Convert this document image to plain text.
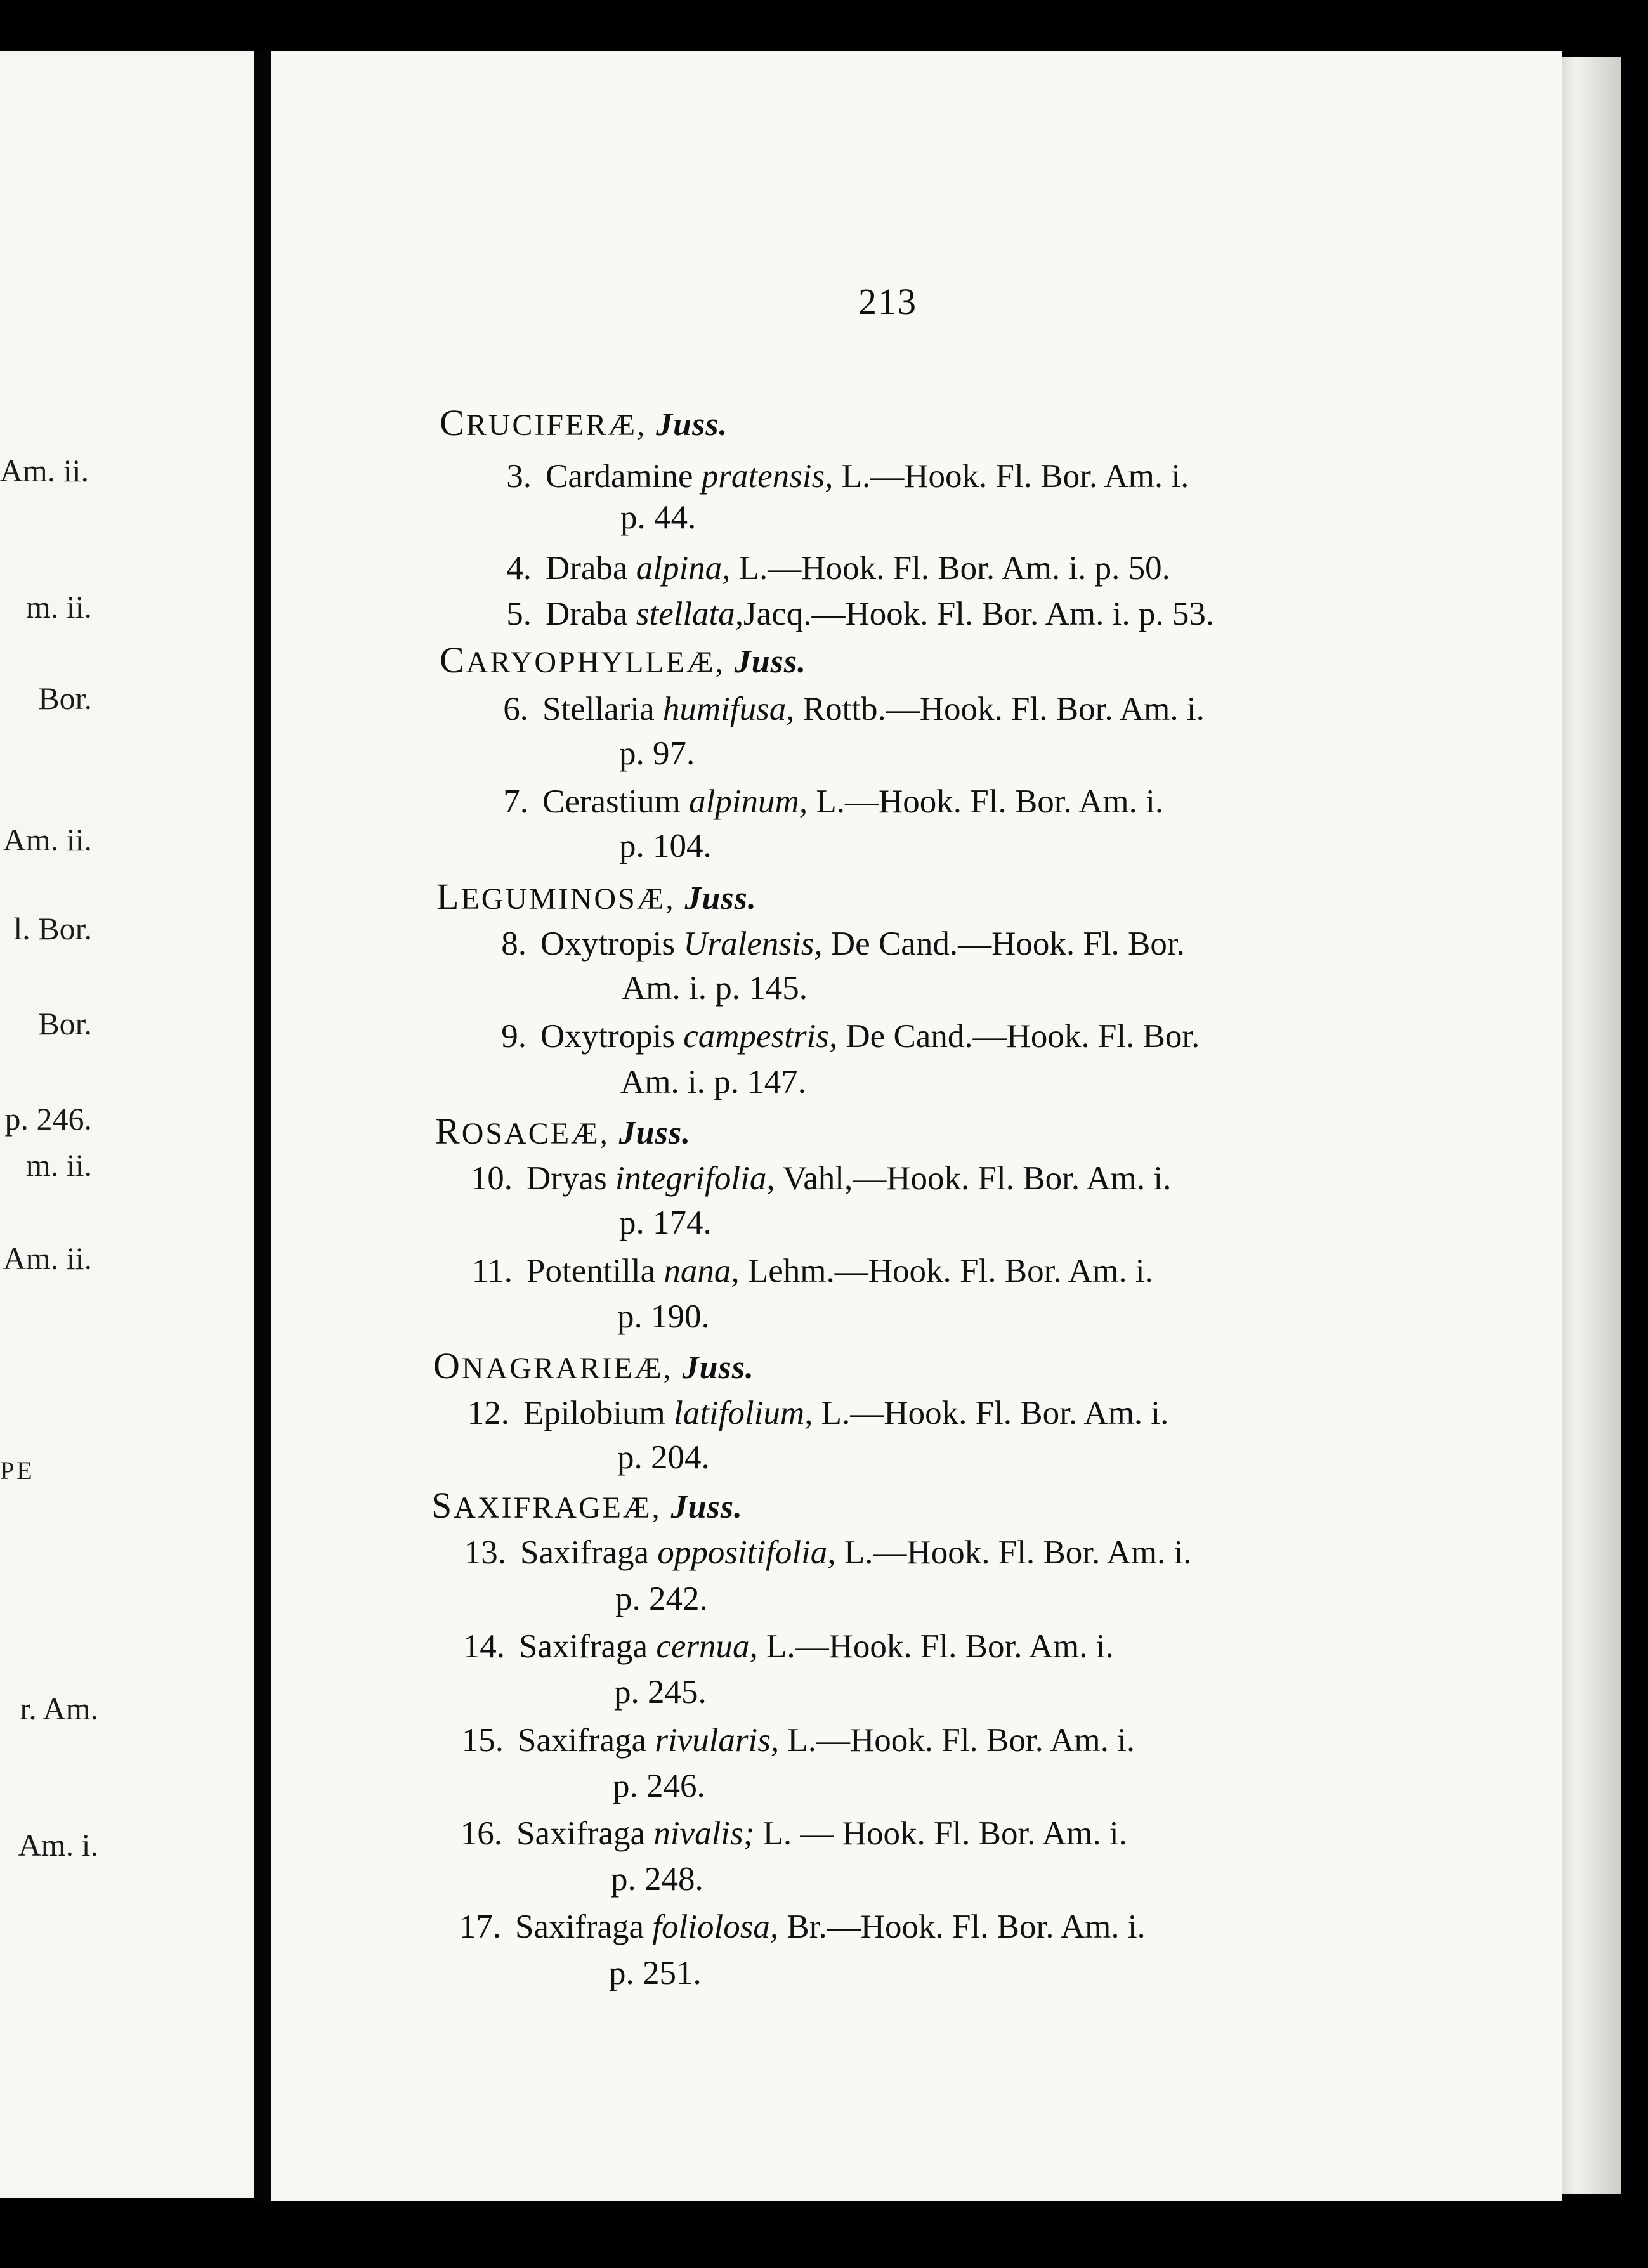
Am. ii.
m. ii.
Bor.
Am. ii.
l. Bor.
Bor.
p. 246.
m. ii.
Am. ii.
PE
r. Am.
Am. i.
213
CRUCIFERÆ, Juss.
3. Cardamine pratensis, L.—Hook. Fl. Bor. Am. i.
p. 44.
4. Draba alpina, L.—Hook. Fl. Bor. Am. i. p. 50.
5. Draba stellata,Jacq.—Hook. Fl. Bor. Am. i. p. 53.
CARYOPHYLLEÆ, Juss.
6. Stellaria humifusa, Rottb.—Hook. Fl. Bor. Am. i.
p. 97.
7. Cerastium alpinum, L.—Hook. Fl. Bor. Am. i.
p. 104.
LEGUMINOSÆ, Juss.
8. Oxytropis Uralensis, De Cand.—Hook. Fl. Bor.
Am. i. p. 145.
9. Oxytropis campestris, De Cand.—Hook. Fl. Bor.
Am. i. p. 147.
ROSACEÆ, Juss.
10. Dryas integrifolia, Vahl,—Hook. Fl. Bor. Am. i.
p. 174.
11. Potentilla nana, Lehm.—Hook. Fl. Bor. Am. i.
p. 190.
ONAGRARIEÆ, Juss.
12. Epilobium latifolium, L.—Hook. Fl. Bor. Am. i.
p. 204.
SAXIFRAGEÆ, Juss.
13. Saxifraga oppositifolia, L.—Hook. Fl. Bor. Am. i.
p. 242.
14. Saxifraga cernua, L.—Hook. Fl. Bor. Am. i.
p. 245.
15. Saxifraga rivularis, L.—Hook. Fl. Bor. Am. i.
p. 246.
16. Saxifraga nivalis; L. — Hook. Fl. Bor. Am. i.
p. 248.
17. Saxifraga foliolosa, Br.—Hook. Fl. Bor. Am. i.
p. 251.
